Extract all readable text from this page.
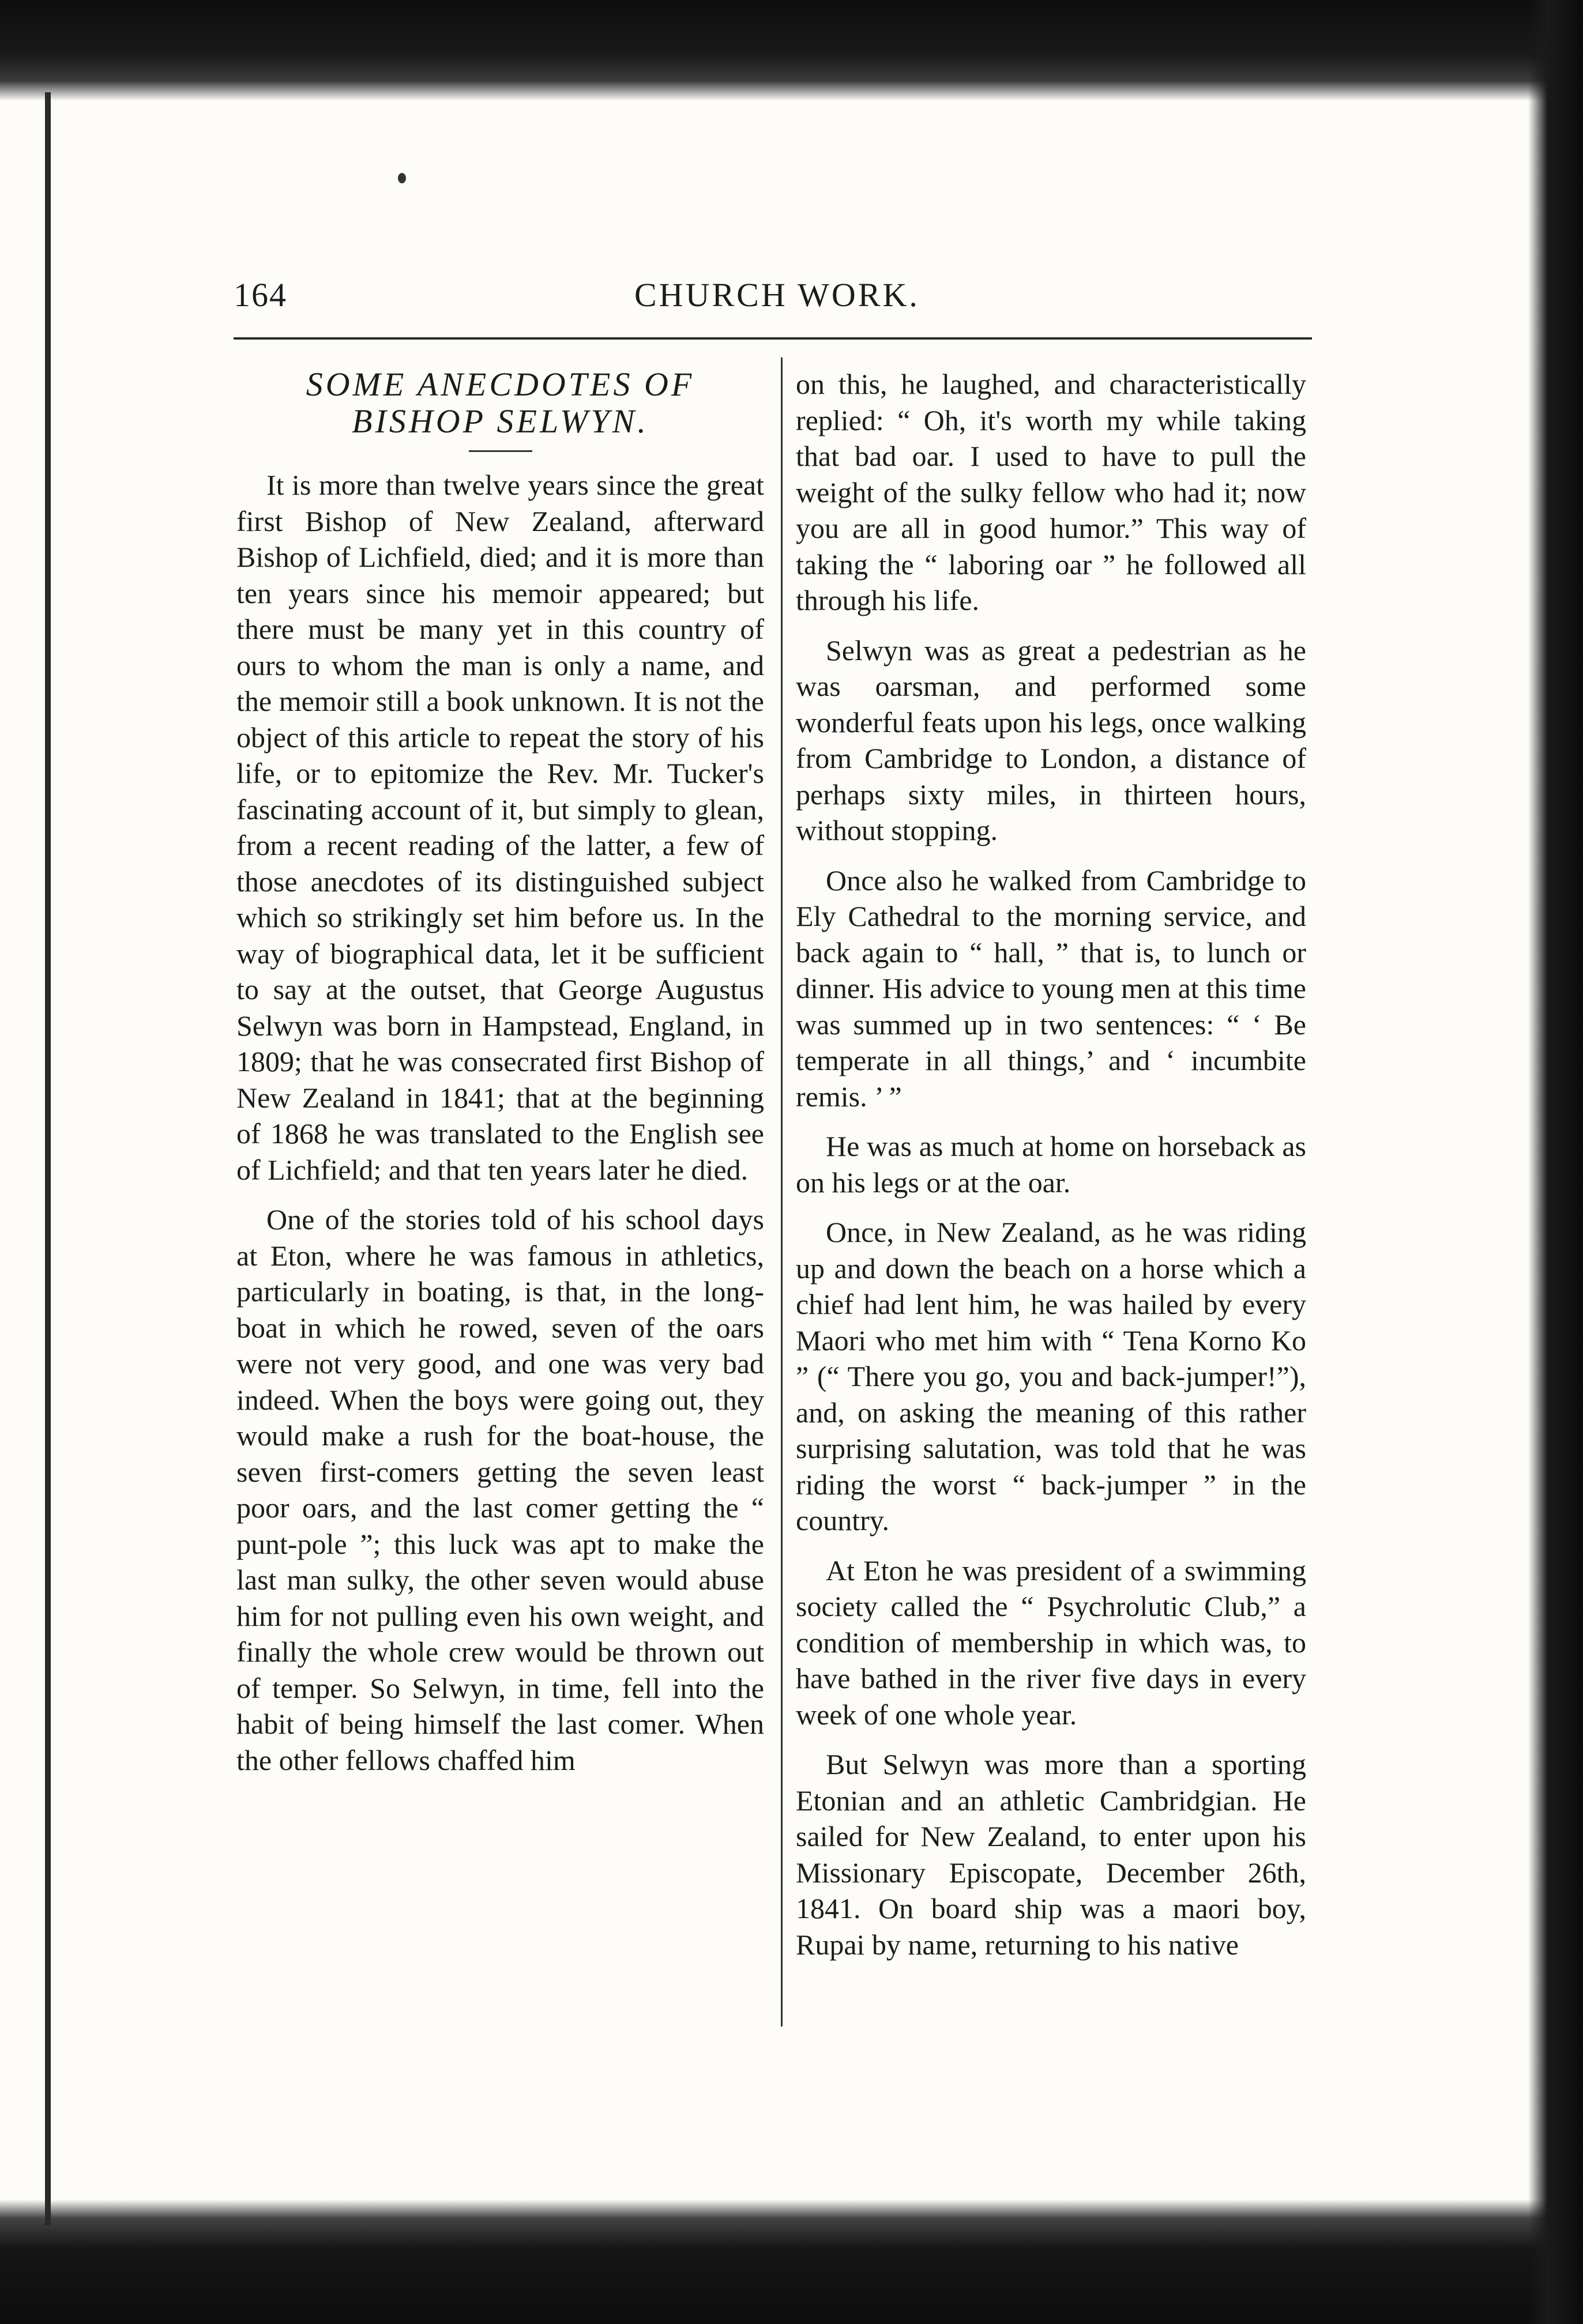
164	CHURCH WORK.

SOME ANECDOTES OF

BISHOP SELWYN.

It is more than twelve years since the great first Bishop of New Zealand, afterward Bishop of Lichfield, died; and it is more than ten years since his memoir appeared; but there must be many yet in this country of ours to whom the man is only a name, and the memoir still a book unknown. It is not the object of this article to repeat the story of his life, or to epitomize the Rev. Mr. Tucker's fascinating account of it, but simply to glean, from a recent reading of the latter, a few of those anecdotes of its distinguished subject which so strikingly set him before us. In the way of biographical data, let it be sufficient to say at the outset, that George Augustus Selwyn was born in Hampstead, England, in 1809; that he was consecrated first Bishop of New Zealand in 1841; that at the beginning of 1868 he was translated to the English see of Lichfield; and that ten years later he died.

One of the stories told of his school days at Eton, where he was famous in athletics, particularly in boating, is that, in the long-boat in which he rowed, seven of the oars were not very good, and one was very bad indeed. When the boys were going out, they would make a rush for the boat-house, the seven first-comers getting the seven least poor oars, and the last comer getting the “ punt-pole ”; this luck was apt to make the last man sulky, the other seven would abuse him for not pulling even his own weight, and finally the whole crew would be thrown out of temper. So Selwyn, in time, fell into the habit of being himself the last comer. When the other fellows chaffed him

on this, he laughed, and characteristically replied: “ Oh, it's worth my while taking that bad oar. I used to have to pull the weight of the sulky fellow who had it; now you are all in good humor.” This way of taking the “ laboring oar ” he followed all through his life.

Selwyn was as great a pedestrian as he was oarsman, and performed some wonderful feats upon his legs, once walking from Cambridge to London, a distance of perhaps sixty miles, in thirteen hours, without stopping.

Once also he walked from Cambridge to Ely Cathedral to the morning service, and back again to “ hall, ” that is, to lunch or dinner. His advice to young men at this time was summed up in two sentences: “ ‘ Be temperate in all things,’ and ‘ incumbite remis. ’ ”

He was as much at home on horseback as on his legs or at the oar.

Once, in New Zealand, as he was riding up and down the beach on a horse which a chief had lent him, he was hailed by every Maori who met him with “ Tena Korno Ko ” (“ There you go, you and back-jumper!”), and, on asking the meaning of this rather surprising salutation, was told that he was riding the worst “ back-jumper ” in the country.

At Eton he was president of a swimming society called the “ Psychrolutic Club,” a condition of membership in which was, to have bathed in the river five days in every week of one whole year.

But Selwyn was more than a sporting Etonian and an athletic Cambridgian. He sailed for New Zealand, to enter upon his Missionary Episcopate, December 26th, 1841. On board ship was a maori boy, Rupai by name, returning to his native
